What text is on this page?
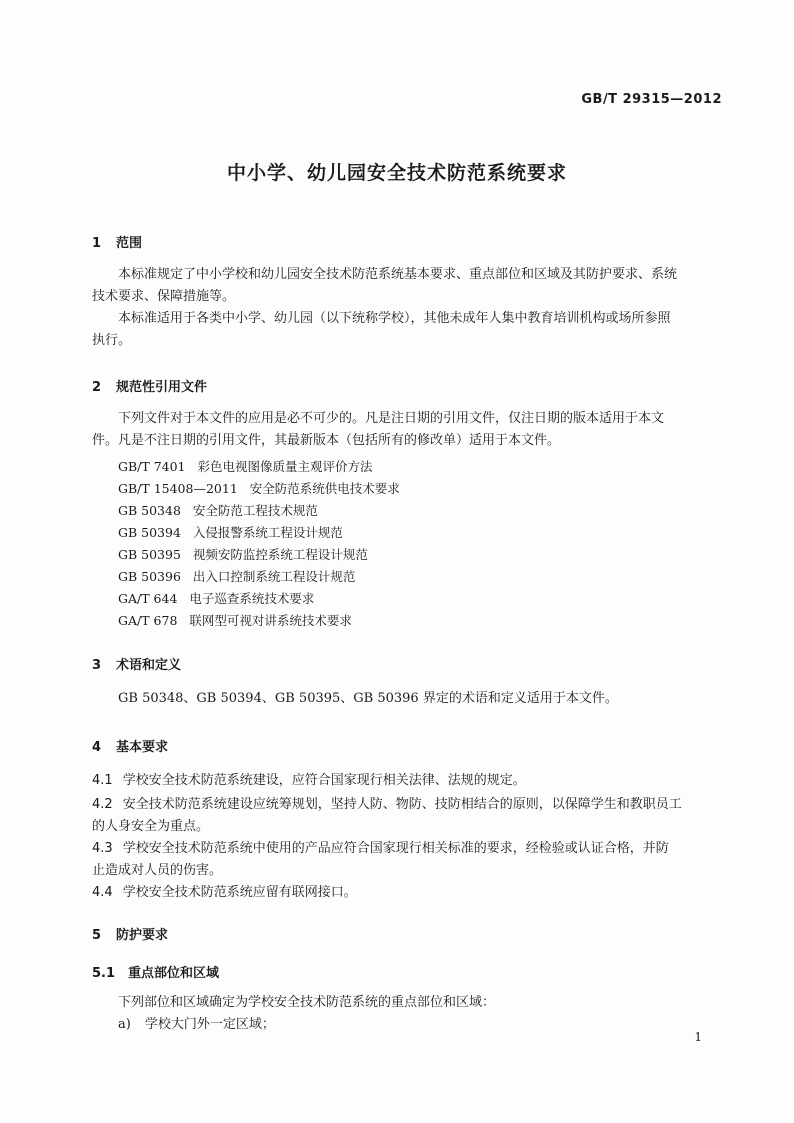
GB/T 29315—2012
中小学、幼儿园安全技术防范系统要求
1 范围
本标准规定了中小学校和幼儿园安全技术防范系统基本要求、重点部位和区域及其防护要求、系统
技术要求、保障措施等。
本标准适用于各类中小学、幼儿园（以下统称学校），其他未成年人集中教育培训机构或场所参照
执行。
2 规范性引用文件
下列文件对于本文件的应用是必不可少的。凡是注日期的引用文件，仅注日期的版本适用于本文
件。凡是不注日期的引用文件，其最新版本（包括所有的修改单）适用于本文件。
GB/T 7401 彩色电视图像质量主观评价方法
GB/T 15408—2011 安全防范系统供电技术要求
GB 50348 安全防范工程技术规范
GB 50394 入侵报警系统工程设计规范
GB 50395 视频安防监控系统工程设计规范
GB 50396 出入口控制系统工程设计规范
GA/T 644 电子巡查系统技术要求
GA/T 678 联网型可视对讲系统技术要求
3 术语和定义
GB 50348、GB 50394、GB 50395、GB 50396 界定的术语和定义适用于本文件。
4 基本要求
4.1 学校安全技术防范系统建设，应符合国家现行相关法律、法规的规定。
4.2 安全技术防范系统建设应统筹规划，坚持人防、物防、技防相结合的原则，以保障学生和教职员工
的人身安全为重点。
4.3 学校安全技术防范系统中使用的产品应符合国家现行相关标准的要求，经检验或认证合格，并防
止造成对人员的伤害。
4.4 学校安全技术防范系统应留有联网接口。
5 防护要求
5.1 重点部位和区域
下列部位和区域确定为学校安全技术防范系统的重点部位和区域：
a) 学校大门外一定区域；
1
